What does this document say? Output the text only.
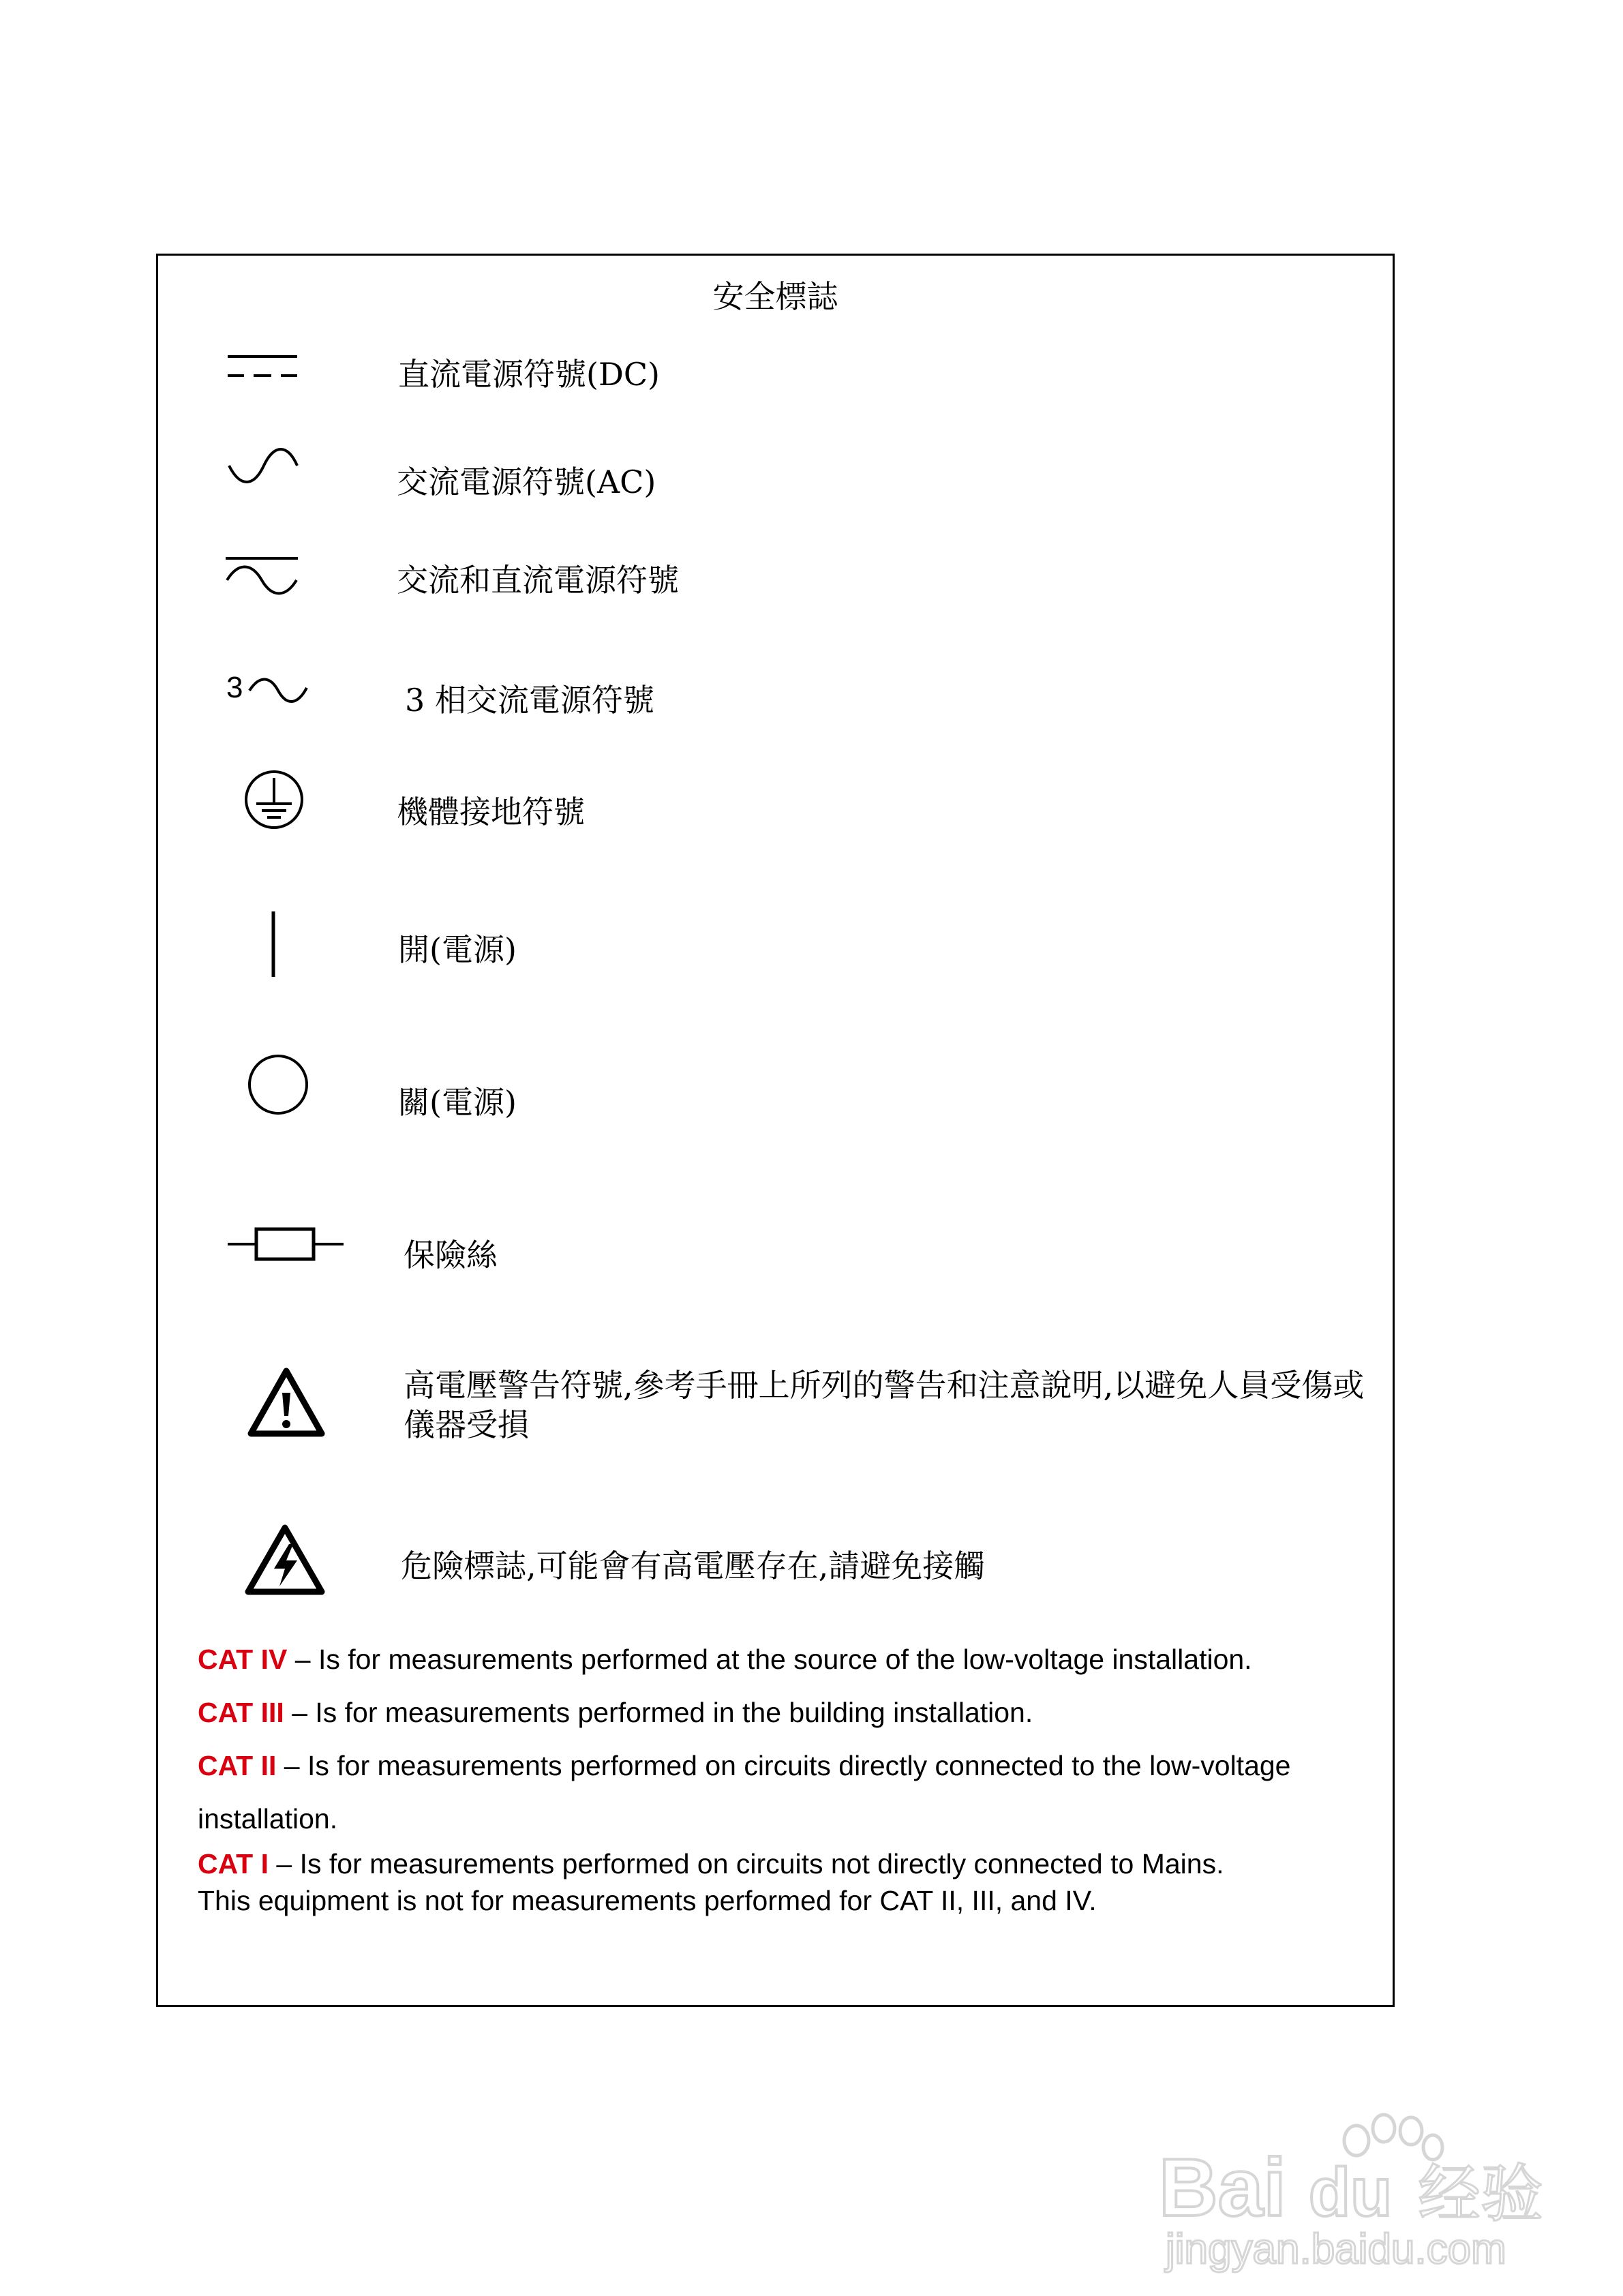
安全標誌
直流電源符號(DC)
交流電源符號(AC)
交流和直流電源符號
3	3 相交流電源符號
機體接地符號
開(電源)
關(電源)
保險絲
高電壓警告符號,參考手冊上所列的警告和注意說明,以避免人員受傷或儀器受損
危險標誌,可能會有高電壓存在,請避免接觸

CAT IV – Is for measurements performed at the source of the low-voltage installation.

CAT III – Is for measurements performed in the building installation.

CAT II – Is for measurements performed on circuits directly connected to the low-voltage installation.

CAT I – Is for measurements performed on circuits not directly connected to Mains.

This equipment is not for measurements performed for CAT II, III, and IV.

Bai du 经验
jingyan.baidu.com
